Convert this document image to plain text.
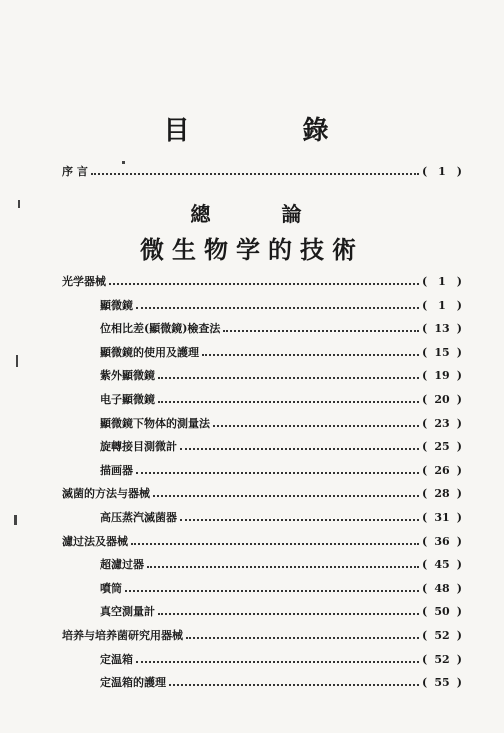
目 錄
序 言	( 1 )
總 論
微生物学的技術
光学器械	( 1 )
顯微鏡	( 1 )
位相比差(顯微鏡)檢查法	( 13 )
顯微鏡的使用及護理	( 15 )
紫外顯微鏡	( 19 )
电子顯微鏡	( 20 )
顯微鏡下物体的測量法	( 23 )
旋轉接目測微計	( 25 )
描画器	( 26 )
滅菌的方法与器械	( 28 )
高压蒸汽滅菌器	( 31 )
濾过法及器械	( 36 )
超濾过器	( 45 )
噴筒	( 48 )
真空測量計	( 50 )
培养与培养菌研究用器械	( 52 )
定温箱	( 52 )
定温箱的護理	( 55 )
